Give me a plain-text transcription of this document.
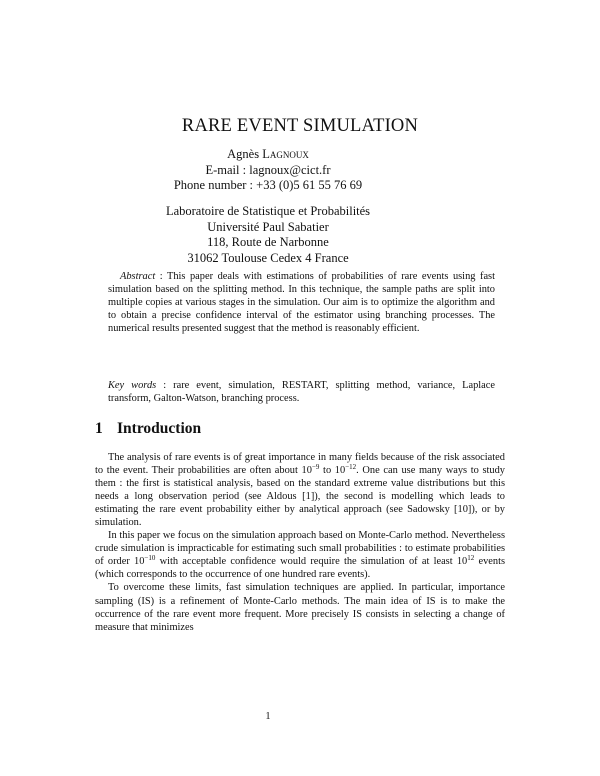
RARE EVENT SIMULATION
Agnès Lagnoux
E-mail : lagnoux@cict.fr
Phone number : +33 (0)5 61 55 76 69
Laboratoire de Statistique et Probabilités
Université Paul Sabatier
118, Route de Narbonne
31062 Toulouse Cedex 4 France

Abstract : This paper deals with estimations of probabilities of rare events using fast simulation based on the splitting method. In this technique, the sample paths are split into multiple copies at various stages in the simulation. Our aim is to optimize the algorithm and to obtain a precise confidence interval of the estimator using branching processes. The numerical results presented suggest that the method is reasonably efficient.

Key words : rare event, simulation, RESTART, splitting method, variance, Laplace transform, Galton-Watson, branching process.

1 Introduction

The analysis of rare events is of great importance in many fields because of the risk associated to the event. Their probabilities are often about $10^{-9}$ to $10^{-12}$. One can use many ways to study them : the first is statistical analysis, based on the standard extreme value distributions but this needs a long observation period (see Aldous [1]), the second is modelling which leads to estimating the rare event probability either by analytical approach (see Sadowsky [10]), or by simulation.

In this paper we focus on the simulation approach based on Monte-Carlo method. Nevertheless crude simulation is impracticable for estimating such small probabilities : to estimate probabilities of order $10^{-10}$ with acceptable confidence would require the simulation of at least $10^{12}$ events (which corresponds to the occurrence of one hundred rare events).

To overcome these limits, fast simulation techniques are applied. In particular, importance sampling (IS) is a refinement of Monte-Carlo methods. The main idea of IS is to make the occurrence of the rare event more frequent. More precisely IS consists in selecting a change of measure that minimizes

1
